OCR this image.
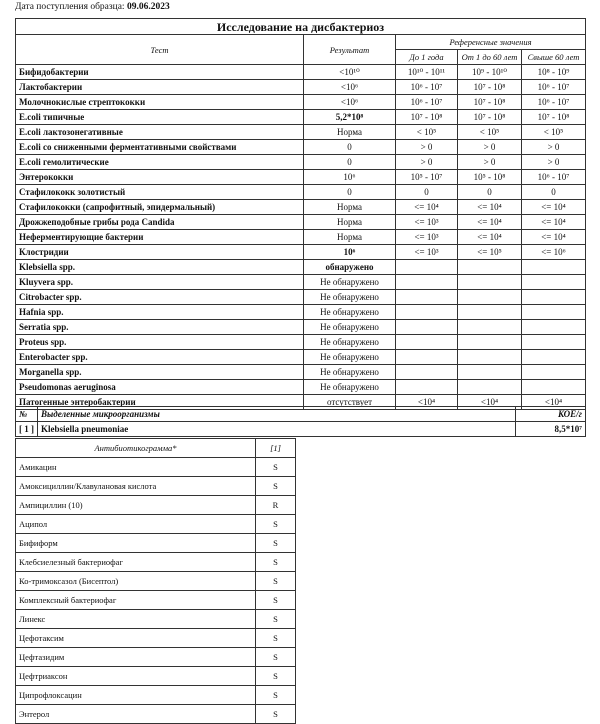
Дата поступления образца: 09.06.2023
Исследование на дисбактериоз				
Тест	Результат	Референсные значения		
		До 1 года	От 1 до 60 лет	Свыше 60 лет
Бифидобактерии	<10¹⁰	10¹⁰ - 10¹¹	10⁹ - 10¹⁰	10⁸ - 10⁹
Лактобактерии	<10⁶	10⁶ - 10⁷	10⁷ - 10⁸	10⁶ - 10⁷
Молочнокислые стрептококки	<10⁶	10⁶ - 10⁷	10⁷ - 10⁸	10⁶ - 10⁷
E.coli типичные	5,2*10⁸	10⁷ - 10⁸	10⁷ - 10⁸	10⁷ - 10⁸
E.coli лактозонегативные	Норма	< 10⁵	< 10⁵	< 10⁵
E.coli со сниженными ферментативными свойствами	0	> 0	> 0	> 0
E.coli гемолитические	0	> 0	> 0	> 0
Энтерококки	10⁶	10⁵ - 10⁷	10⁵ - 10⁸	10⁶ - 10⁷
Стафилококк золотистый	0	0	0	0
Стафилококки (сапрофитный, эпидермальный)	Норма	<= 10⁴	<= 10⁴	<= 10⁴
Дрожжеподобные грибы рода Candida	Норма	<= 10³	<= 10⁴	<= 10⁴
Неферментирующие бактерии	Норма	<= 10³	<= 10⁴	<= 10⁴
Клостридии	10⁶	<= 10³	<= 10⁵	<= 10⁶
Klebsiella spp.	обнаружено			
Kluyvera spp.	Не обнаружено			
Citrobacter spp.	Не обнаружено			
Hafnia spp.	Не обнаружено			
Serratia spp.	Не обнаружено			
Proteus spp.	Не обнаружено			
Enterobacter spp.	Не обнаружено			
Morganella spp.	Не обнаружено			
Pseudomonas aeruginosa	Не обнаружено			
Патогенные энтеробактерии	отсутствует	<10⁴	<10⁴	<10⁴
№	Выделенные микроорганизмы	КОЕ/г
[ 1 ]	Klebsiella pneumoniae	8,5*10⁷
Антибиотикограмма*	[1]
Амикацин	S
Амоксициллин/Клавулановая кислота	S
Ампициллин (10)	R
Аципол	S
Бифиформ	S
Клебсиелезный бактериофаг	S
Ко-тримоксазол (Бисептол)	S
Комплексный бактериофаг	S
Линекс	S
Цефотаксим	S
Цефтазидим	S
Цефтриаксон	S
Ципрофлоксацин	S
Энтерол	S
